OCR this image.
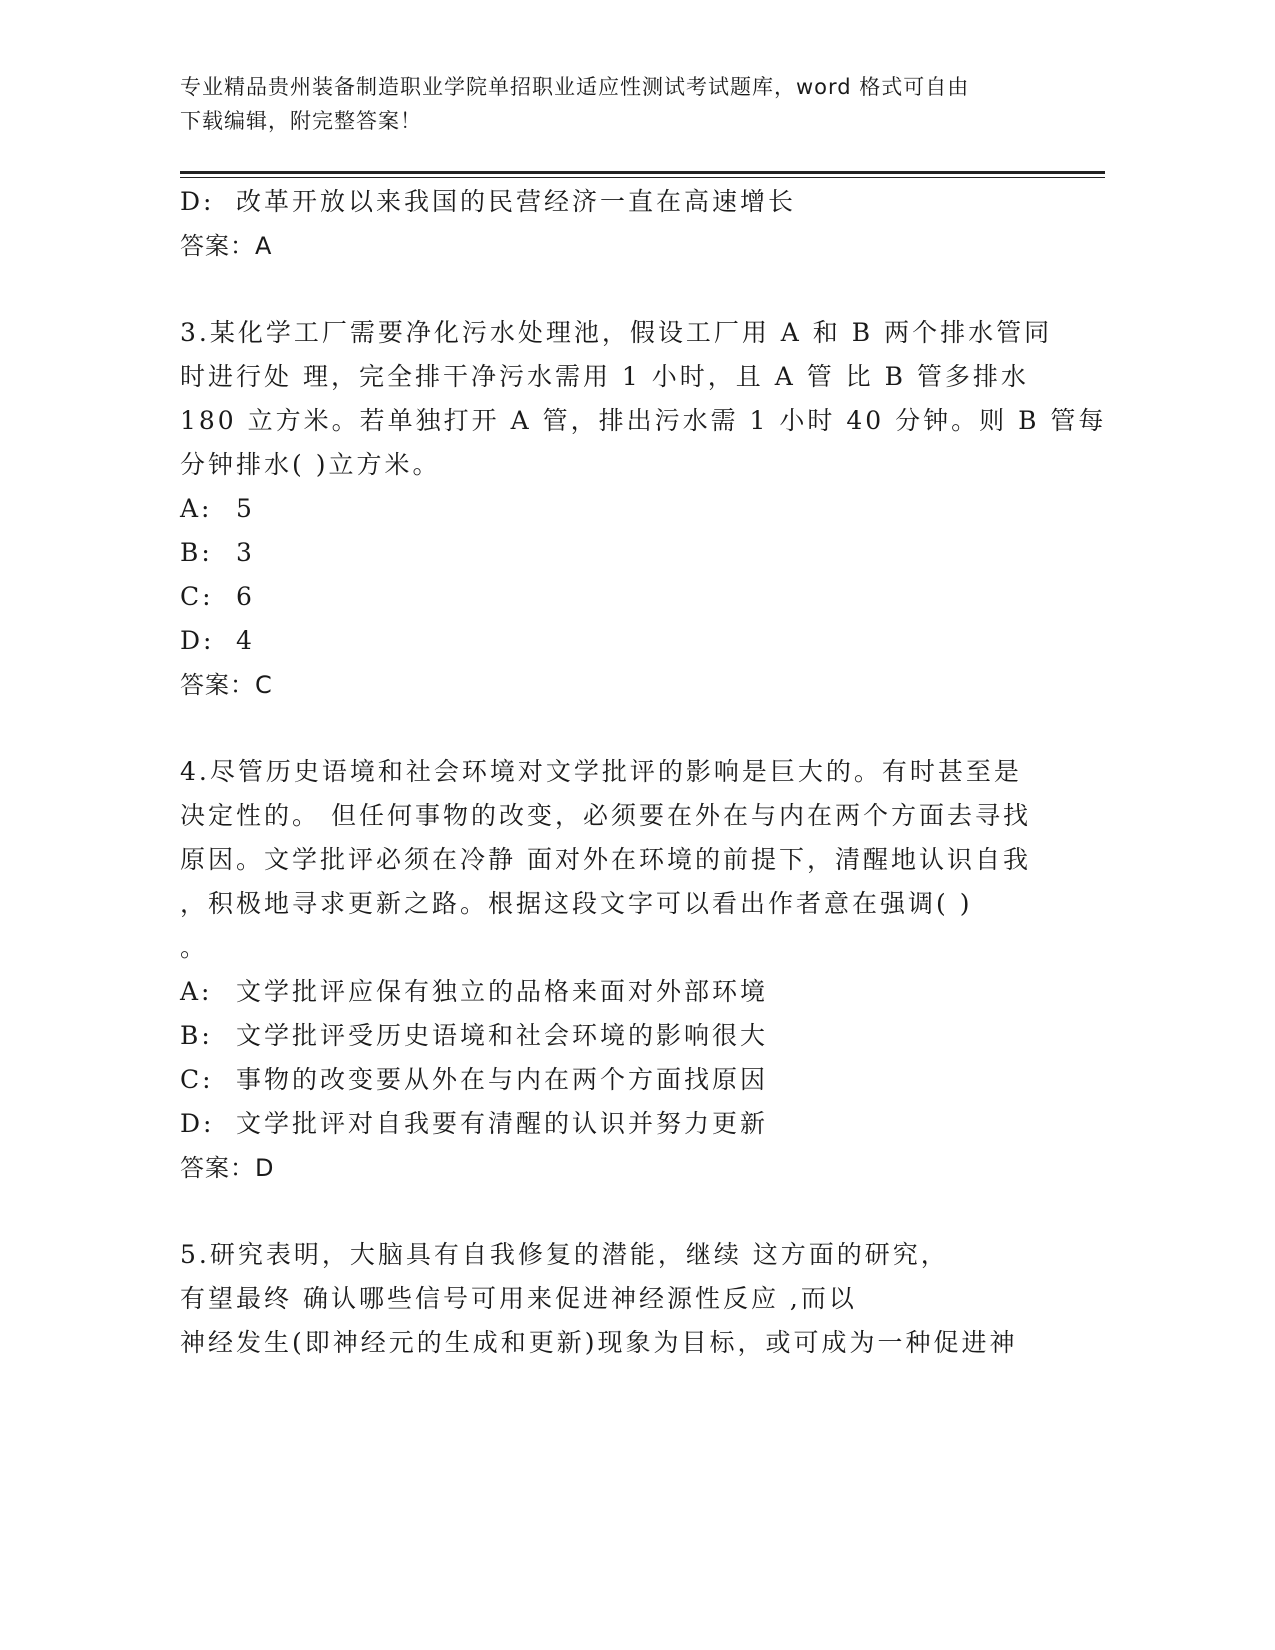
专业精品贵州装备制造职业学院单招职业适应性测试考试题库，word 格式可自由
下载编辑，附完整答案！
D: 改革开放以来我国的民营经济一直在高速增长
答案：A
3.某化学工厂需要净化污水处理池，假设工厂用 A 和 B 两个排水管同
时进行处 理，完全排干净污水需用 1 小时，且 A 管 比 B 管多排水
180 立方米。若单独打开 A 管，排出污水需 1 小时 40 分钟。则 B 管每
分钟排水( )立方米。
A: 5
B: 3
C: 6
D: 4
答案：C
4.尽管历史语境和社会环境对文学批评的影响是巨大的。有时甚至是
决定性的。 但任何事物的改变，必须要在外在与内在两个方面去寻找
原因。文学批评必须在冷静 面对外在环境的前提下，清醒地认识自我
，积极地寻求更新之路。根据这段文字可以看出作者意在强调( )
。
A: 文学批评应保有独立的品格来面对外部环境
B: 文学批评受历史语境和社会环境的影响很大
C: 事物的改变要从外在与内在两个方面找原因
D: 文学批评对自我要有清醒的认识并努力更新
答案：D
5.研究表明，大脑具有自我修复的潜能，继续 这方面的研究，
有望最终 确认哪些信号可用来促进神经源性反应 ,而以
神经发生(即神经元的生成和更新)现象为目标，或可成为一种促进神
